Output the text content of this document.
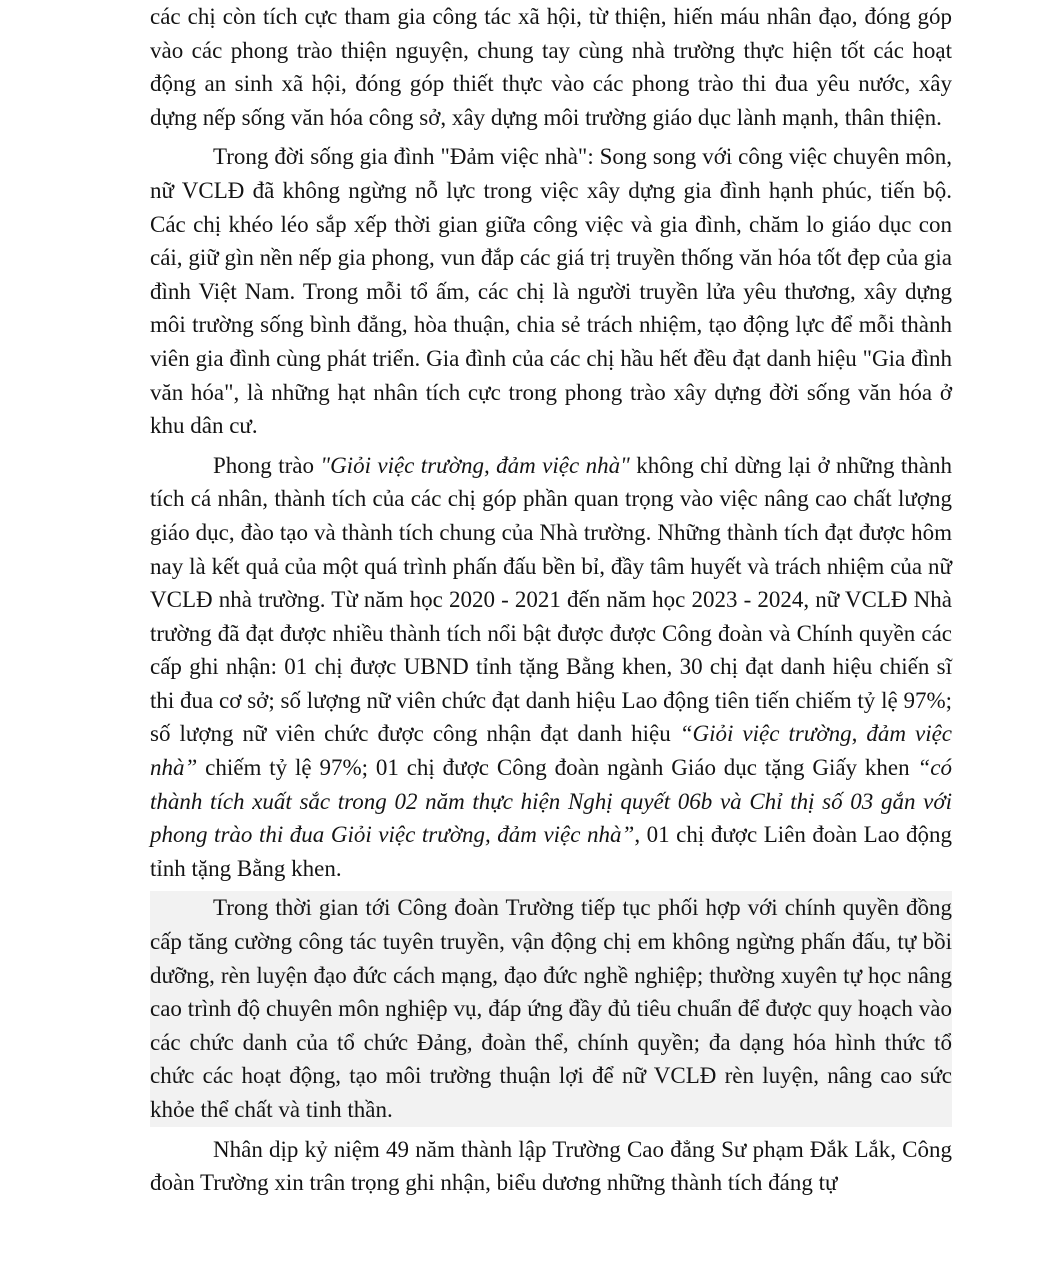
các chị còn tích cực tham gia công tác xã hội, từ thiện, hiến máu nhân đạo, đóng góp vào các phong trào thiện nguyện, chung tay cùng nhà trường thực hiện tốt các hoạt động an sinh xã hội, đóng góp thiết thực vào các phong trào thi đua yêu nước, xây dựng nếp sống văn hóa công sở, xây dựng môi trường giáo dục lành mạnh, thân thiện.

Trong đời sống gia đình "Đảm việc nhà": Song song với công việc chuyên môn, nữ VCLĐ đã không ngừng nỗ lực trong việc xây dựng gia đình hạnh phúc, tiến bộ. Các chị khéo léo sắp xếp thời gian giữa công việc và gia đình, chăm lo giáo dục con cái, giữ gìn nền nếp gia phong, vun đắp các giá trị truyền thống văn hóa tốt đẹp của gia đình Việt Nam. Trong mỗi tổ ấm, các chị là người truyền lửa yêu thương, xây dựng môi trường sống bình đẳng, hòa thuận, chia sẻ trách nhiệm, tạo động lực để mỗi thành viên gia đình cùng phát triển. Gia đình của các chị hầu hết đều đạt danh hiệu "Gia đình văn hóa", là những hạt nhân tích cực trong phong trào xây dựng đời sống văn hóa ở khu dân cư.

Phong trào "Giỏi việc trường, đảm việc nhà" không chỉ dừng lại ở những thành tích cá nhân, thành tích của các chị góp phần quan trọng vào việc nâng cao chất lượng giáo dục, đào tạo và thành tích chung của Nhà trường. Những thành tích đạt được hôm nay là kết quả của một quá trình phấn đấu bền bỉ, đầy tâm huyết và trách nhiệm của nữ VCLĐ nhà trường. Từ năm học 2020 - 2021 đến năm học 2023 - 2024, nữ VCLĐ Nhà trường đã đạt được nhiều thành tích nổi bật được được Công đoàn và Chính quyền các cấp ghi nhận: 01 chị được UBND tỉnh tặng Bằng khen, 30 chị đạt danh hiệu chiến sĩ thi đua cơ sở; số lượng nữ viên chức đạt danh hiệu Lao động tiên tiến chiếm tỷ lệ 97%; số lượng nữ viên chức được công nhận đạt danh hiệu “Giỏi việc trường, đảm việc nhà” chiếm tỷ lệ 97%; 01 chị được Công đoàn ngành Giáo dục tặng Giấy khen “có thành tích xuất sắc trong 02 năm thực hiện Nghị quyết 06b và Chỉ thị số 03 gắn với phong trào thi đua Giỏi việc trường, đảm việc nhà”, 01 chị được Liên đoàn Lao động tỉnh tặng Bằng khen.

Trong thời gian tới Công đoàn Trường tiếp tục phối hợp với chính quyền đồng cấp tăng cường công tác tuyên truyền, vận động chị em không ngừng phấn đấu, tự bồi dưỡng, rèn luyện đạo đức cách mạng, đạo đức nghề nghiệp; thường xuyên tự học nâng cao trình độ chuyên môn nghiệp vụ, đáp ứng đầy đủ tiêu chuẩn để được quy hoạch vào các chức danh của tổ chức Đảng, đoàn thể, chính quyền; đa dạng hóa hình thức tổ chức các hoạt động, tạo môi trường thuận lợi để nữ VCLĐ rèn luyện, nâng cao sức khỏe thể chất và tinh thần.

Nhân dịp kỷ niệm 49 năm thành lập Trường Cao đẳng Sư phạm Đắk Lắk, Công đoàn Trường xin trân trọng ghi nhận, biểu dương những thành tích đáng tự
